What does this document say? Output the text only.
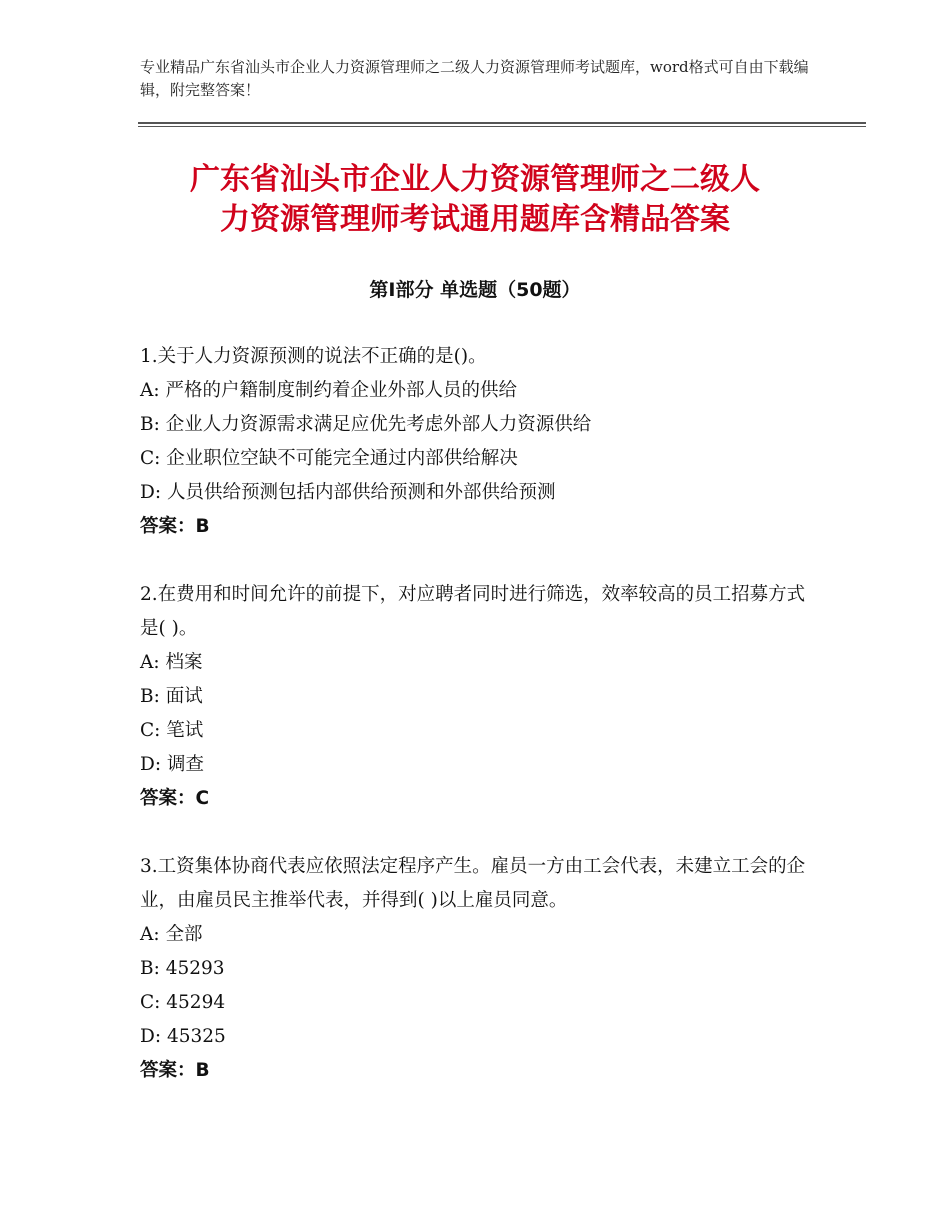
专业精品广东省汕头市企业人力资源管理师之二级人力资源管理师考试题库，word格式可自由下载编辑，附完整答案！
广东省汕头市企业人力资源管理师之二级人
力资源管理师考试通用题库含精品答案
第Ⅰ部分 单选题（50题）
1.关于人力资源预测的说法不正确的是()。
A: 严格的户籍制度制约着企业外部人员的供给
B: 企业人力资源需求满足应优先考虑外部人力资源供给
C: 企业职位空缺不可能完全通过内部供给解决
D: 人员供给预测包括内部供给预测和外部供给预测
答案：B
2.在费用和时间允许的前提下，对应聘者同时进行筛选，效率较高的员工招募方式是( )。
A: 档案
B: 面试
C: 笔试
D: 调查
答案：C
3.工资集体协商代表应依照法定程序产生。雇员一方由工会代表，未建立工会的企业，由雇员民主推举代表，并得到( )以上雇员同意。
A: 全部
B: 45293
C: 45294
D: 45325
答案：B
